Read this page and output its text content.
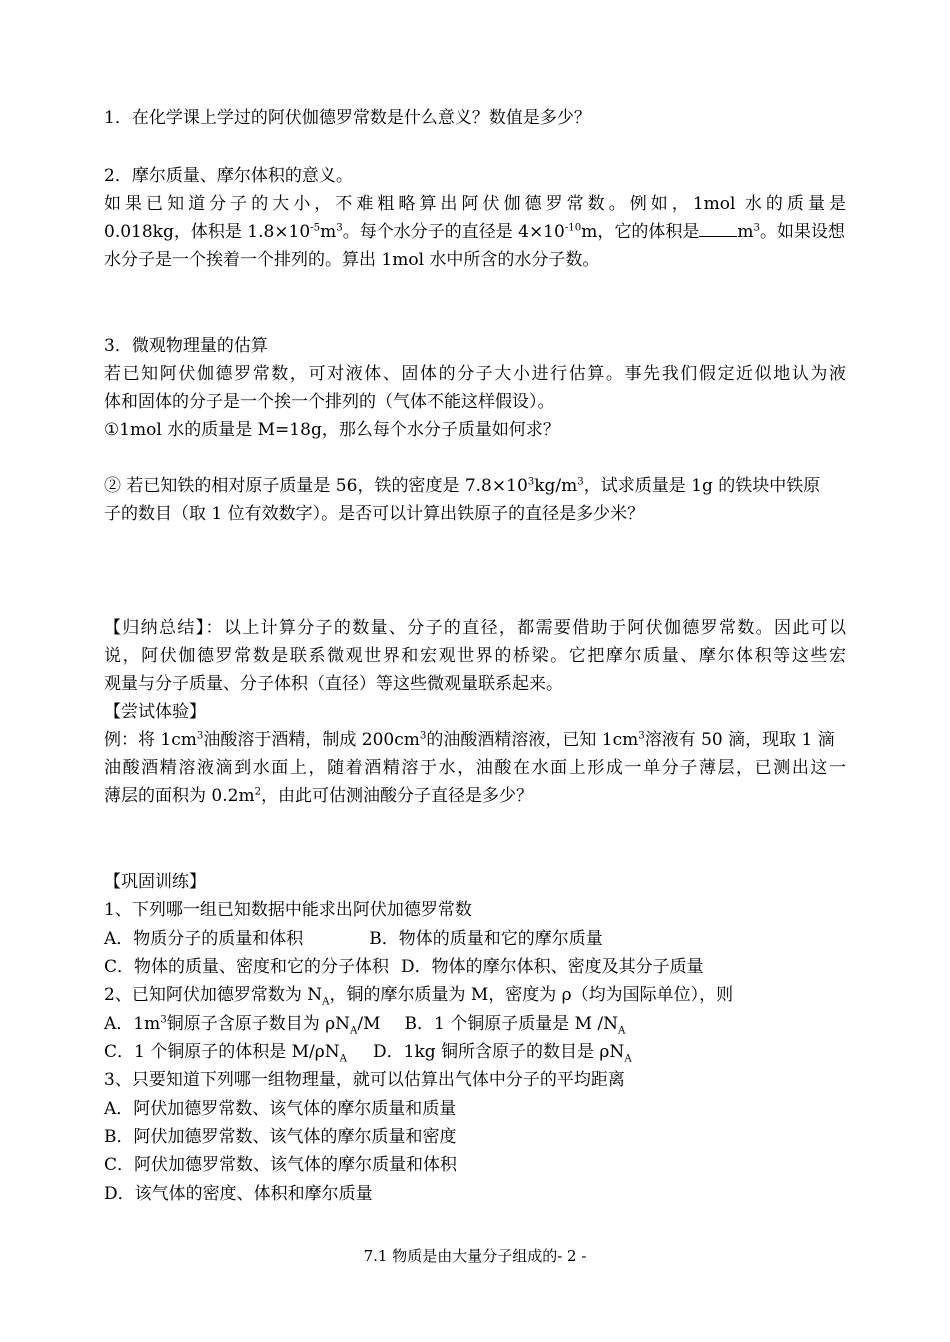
1．在化学课上学过的阿伏伽德罗常数是什么意义？数值是多少？
2．摩尔质量、摩尔体积的意义。
如果已知道分子的大小，不难粗略算出阿伏伽德罗常数。例如，1mol 水的质量是
0.018kg，体积是 $1.8\times 10^{-5}m^3$。每个水分子的直径是 $4\times 10^{-10}m$，它的体积是 $m^3$。如果设想
水分子是一个挨着一个排列的。算出 1mol 水中所含的水分子数。
3．微观物理量的估算
若已知阿伏伽德罗常数，可对液体、固体的分子大小进行估算。事先我们假定近似地认为液
体和固体的分子是一个挨一个排列的（气体不能这样假设）。
①1mol 水的质量是 M=18g，那么每个水分子质量如何求？
② 若已知铁的相对原子质量是 56，铁的密度是 $7.8\times 10^3kg/m^3$，试求质量是 1g 的铁块中铁原
子的数目（取 1 位有效数字）。是否可以计算出铁原子的直径是多少米？
【归纳总结】：以上计算分子的数量、分子的直径，都需要借助于阿伏伽德罗常数。因此可以
说，阿伏伽德罗常数是联系微观世界和宏观世界的桥梁。它把摩尔质量、摩尔体积等这些宏
观量与分子质量、分子体积（直径）等这些微观量联系起来。
【尝试体验】
例：将 $1cm^3$油酸溶于酒精，制成 $200cm^3$的油酸酒精溶液，已知 $1cm^3$溶液有 50 滴，现取 1 滴
油酸酒精溶液滴到水面上，随着酒精溶于水，油酸在水面上形成一单分子薄层，已测出这一
薄层的面积为 $0.2m^2$，由此可估测油酸分子直径是多少？
【巩固训练】
1、下列哪一组已知数据中能求出阿伏加德罗常数
A．物质分子的质量和体积	B．物体的质量和它的摩尔质量
C．物体的质量、密度和它的分子体积 D．物体的摩尔体积、密度及其分子质量
2、已知阿伏加德罗常数为 $N_A$，铜的摩尔质量为 M，密度为 ρ（均为国际单位），则
A．$1m^3$铜原子含原子数目为 $\rho N_A/M$ B．1 个铜原子质量是 M $/N_A$
C．1 个铜原子的体积是 $M/\rho N_A$ D．1kg 铜所含原子的数目是 $\rho N_A$
3、只要知道下列哪一组物理量，就可以估算出气体中分子的平均距离
A．阿伏加德罗常数、该气体的摩尔质量和质量
B．阿伏加德罗常数、该气体的摩尔质量和密度
C．阿伏加德罗常数、该气体的摩尔质量和体积
D．该气体的密度、体积和摩尔质量
7.1 物质是由大量分子组成的- 2 -
